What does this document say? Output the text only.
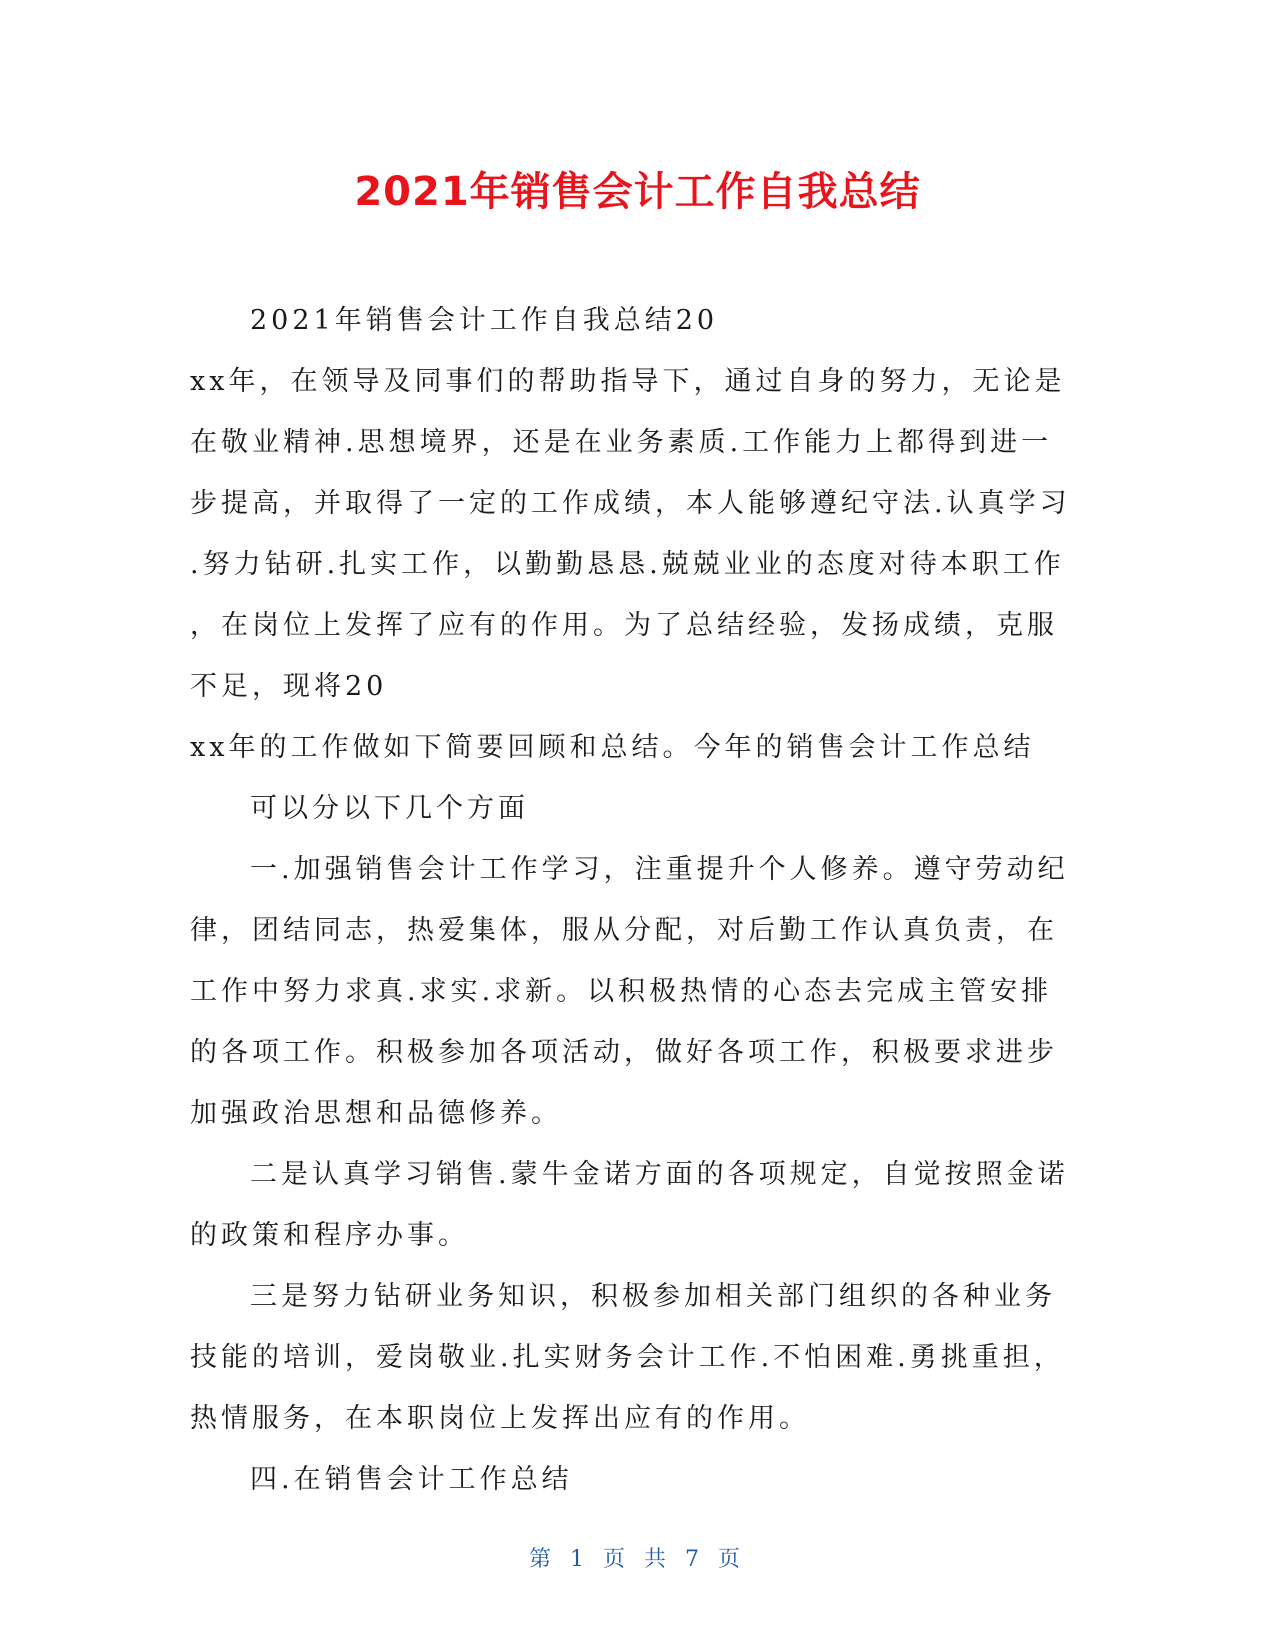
2021年销售会计工作自我总结
2021年销售会计工作自我总结20
xx年，在领导及同事们的帮助指导下，通过自身的努力，无论是
在敬业精神.思想境界，还是在业务素质.工作能力上都得到进一
步提高，并取得了一定的工作成绩，本人能够遵纪守法.认真学习
.努力钻研.扎实工作，以勤勤恳恳.兢兢业业的态度对待本职工作
，在岗位上发挥了应有的作用。为了总结经验，发扬成绩，克服
不足，现将20
xx年的工作做如下简要回顾和总结。今年的销售会计工作总结
可以分以下几个方面
一.加强销售会计工作学习，注重提升个人修养。遵守劳动纪
律，团结同志，热爱集体，服从分配，对后勤工作认真负责，在
工作中努力求真.求实.求新。以积极热情的心态去完成主管安排
的各项工作。积极参加各项活动，做好各项工作，积极要求进步
加强政治思想和品德修养。
二是认真学习销售.蒙牛金诺方面的各项规定，自觉按照金诺
的政策和程序办事。
三是努力钻研业务知识，积极参加相关部门组织的各种业务
技能的培训，爱岗敬业.扎实财务会计工作.不怕困难.勇挑重担，
热情服务，在本职岗位上发挥出应有的作用。
四.在销售会计工作总结
第 1 页 共 7 页
